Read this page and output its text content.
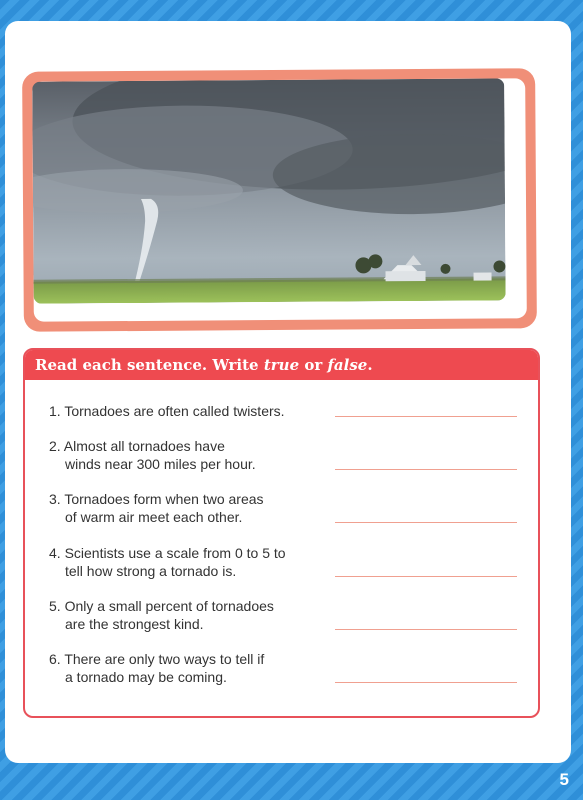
Read each sentence. Write true or false.
1. Tornadoes are often called twisters.
2. Almost all tornadoes have
winds near 300 miles per hour.
3. Tornadoes form when two areas
of warm air meet each other.
4. Scientists use a scale from 0 to 5 to
tell how strong a tornado is.
5. Only a small percent of tornadoes
are the strongest kind.
6. There are only two ways to tell if
a tornado may be coming.
5
